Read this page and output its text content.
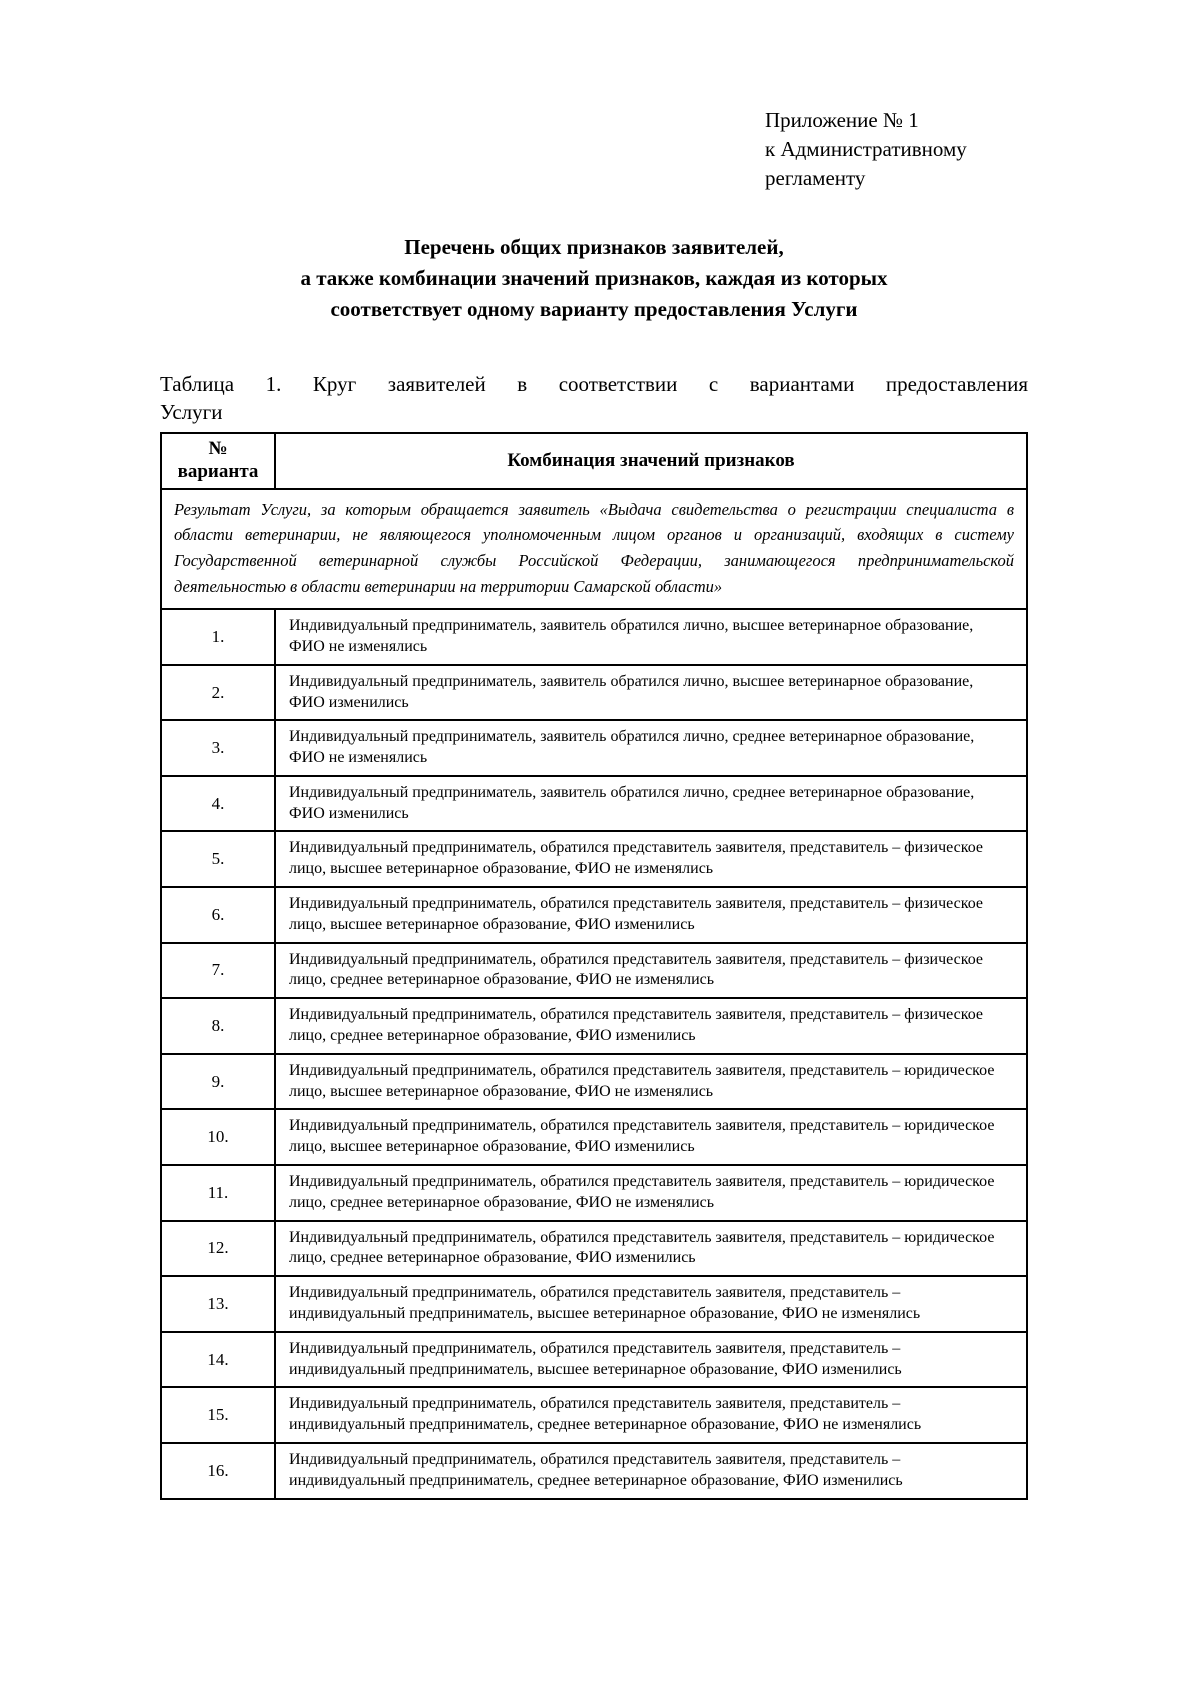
Приложение № 1
к Административному
регламенту
Перечень общих признаков заявителей,
а также комбинации значений признаков, каждая из которых
соответствует одному варианту предоставления Услуги
Таблица 1. Круг заявителей в соответствии с вариантами предоставления
Услуги
№ варианта	Комбинация значений признаков
Результат Услуги, за которым обращается заявитель «Выдача свидетельства о регистрации специалиста в области ветеринарии, не являющегося уполномоченным лицом органов и организаций, входящих в систему Государственной ветеринарной службы Российской Федерации, занимающегося предпринимательской деятельностью в области ветеринарии на территории Самарской области»	
1.	Индивидуальный предприниматель, заявитель обратился лично, высшее ветеринарное образование, ФИО не изменялись
2.	Индивидуальный предприниматель, заявитель обратился лично, высшее ветеринарное образование, ФИО изменились
3.	Индивидуальный предприниматель, заявитель обратился лично, среднее ветеринарное образование, ФИО не изменялись
4.	Индивидуальный предприниматель, заявитель обратился лично, среднее ветеринарное образование, ФИО изменились
5.	Индивидуальный предприниматель, обратился представитель заявителя, представитель – физическое лицо, высшее ветеринарное образование, ФИО не изменялись
6.	Индивидуальный предприниматель, обратился представитель заявителя, представитель – физическое лицо, высшее ветеринарное образование, ФИО изменились
7.	Индивидуальный предприниматель, обратился представитель заявителя, представитель – физическое лицо, среднее ветеринарное образование, ФИО не изменялись
8.	Индивидуальный предприниматель, обратился представитель заявителя, представитель – физическое лицо, среднее ветеринарное образование, ФИО изменились
9.	Индивидуальный предприниматель, обратился представитель заявителя, представитель – юридическое лицо, высшее ветеринарное образование, ФИО не изменялись
10.	Индивидуальный предприниматель, обратился представитель заявителя, представитель – юридическое лицо, высшее ветеринарное образование, ФИО изменились
11.	Индивидуальный предприниматель, обратился представитель заявителя, представитель – юридическое лицо, среднее ветеринарное образование, ФИО не изменялись
12.	Индивидуальный предприниматель, обратился представитель заявителя, представитель – юридическое лицо, среднее ветеринарное образование, ФИО изменились
13.	Индивидуальный предприниматель, обратился представитель заявителя, представитель – индивидуальный предприниматель, высшее ветеринарное образование, ФИО не изменялись
14.	Индивидуальный предприниматель, обратился представитель заявителя, представитель – индивидуальный предприниматель, высшее ветеринарное образование, ФИО изменились
15.	Индивидуальный предприниматель, обратился представитель заявителя, представитель – индивидуальный предприниматель, среднее ветеринарное образование, ФИО не изменялись
16.	Индивидуальный предприниматель, обратился представитель заявителя, представитель – индивидуальный предприниматель, среднее ветеринарное образование, ФИО изменились
